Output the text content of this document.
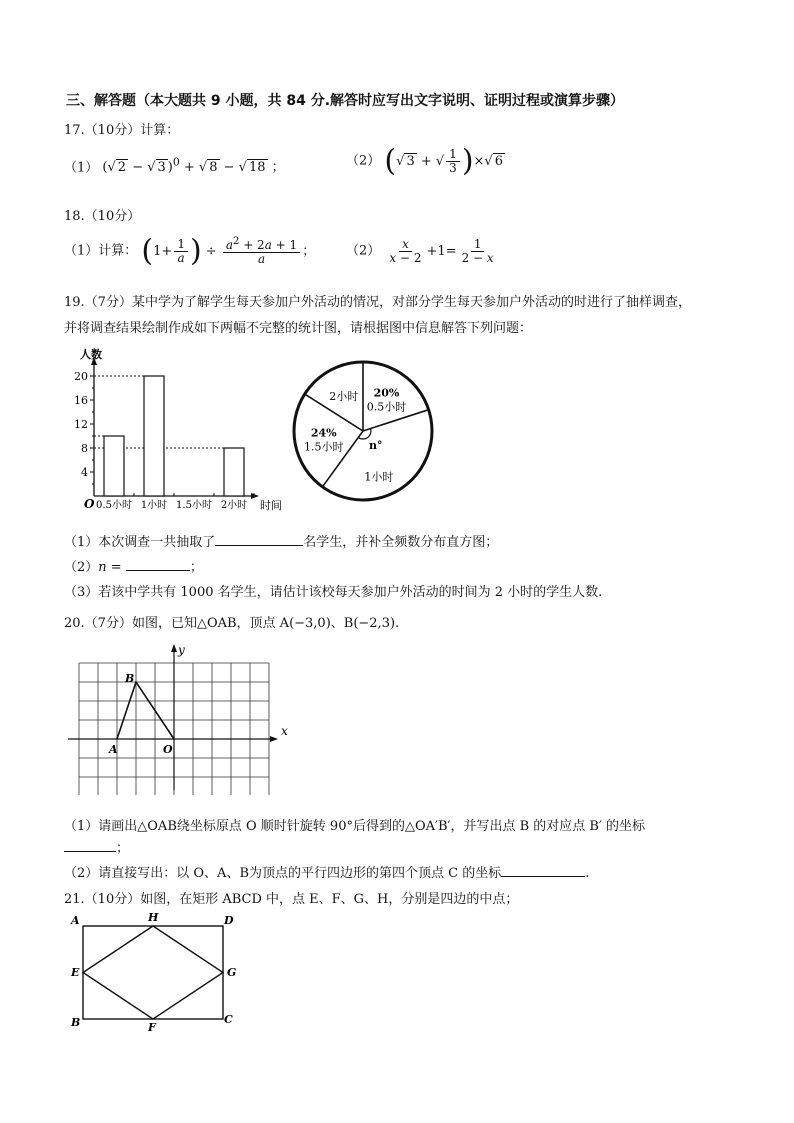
三、解答题（本大题共 9 小题，共 84 分.解答时应写出文字说明、证明过程或演算步骤）
17.（10分）计算：
（1） (√ 2 − √ 3 )$^0$ + √ 8 − √ 18 ；	（2） (√ 3 + √ $\frac{1}{3}$ )×√ 6
18.（10分）
（1）计算： ($1+ \frac{1}{a}$ ) ÷ $\frac{a^2 + 2a + 1}{a}$ ； $(2) \frac{x}{x - 2} +1= \frac{1}{2 - x}$
19.（7分）某中学为了解学生每天参加户外活动的情况，对部分学生每天参加户外活动的时进行了抽样调查，
并将调查结果绘制作成如下两幅不完整的统计图，请根据图中信息解答下列问题：
4
8
12
16
20
人数
时间
O 0.5小时 1小时 1.5小时 2小时
20%
0.5小时
n°
1小时
24%
1.5小时
2小时
（1）本次调查一共抽取了	名学生，并补全频数分布直方图；
（2）n =	；
（3）若该中学共有 1000 名学生，请估计该校每天参加户外活动的时间为 2 小时的学生人数.
20.（7分）如图，已知△OAB，顶点 A(−3,0)、B(−2,3).
x
y
A
B
O
（1）请画出△OAB绕坐标原点 O 顺时针旋转 90°后得到的△OA′B′，并写出点 B 的对应点 B′ 的坐标
；
（2）请直接写出：以 O、A、B为顶点的平行四边形的第四个顶点 C 的坐标	.
21.（10分）如图，在矩形 ABCD 中，点 E、F、G、H，分别是四边的中点；
A	D
B	C
H
E	G
F
